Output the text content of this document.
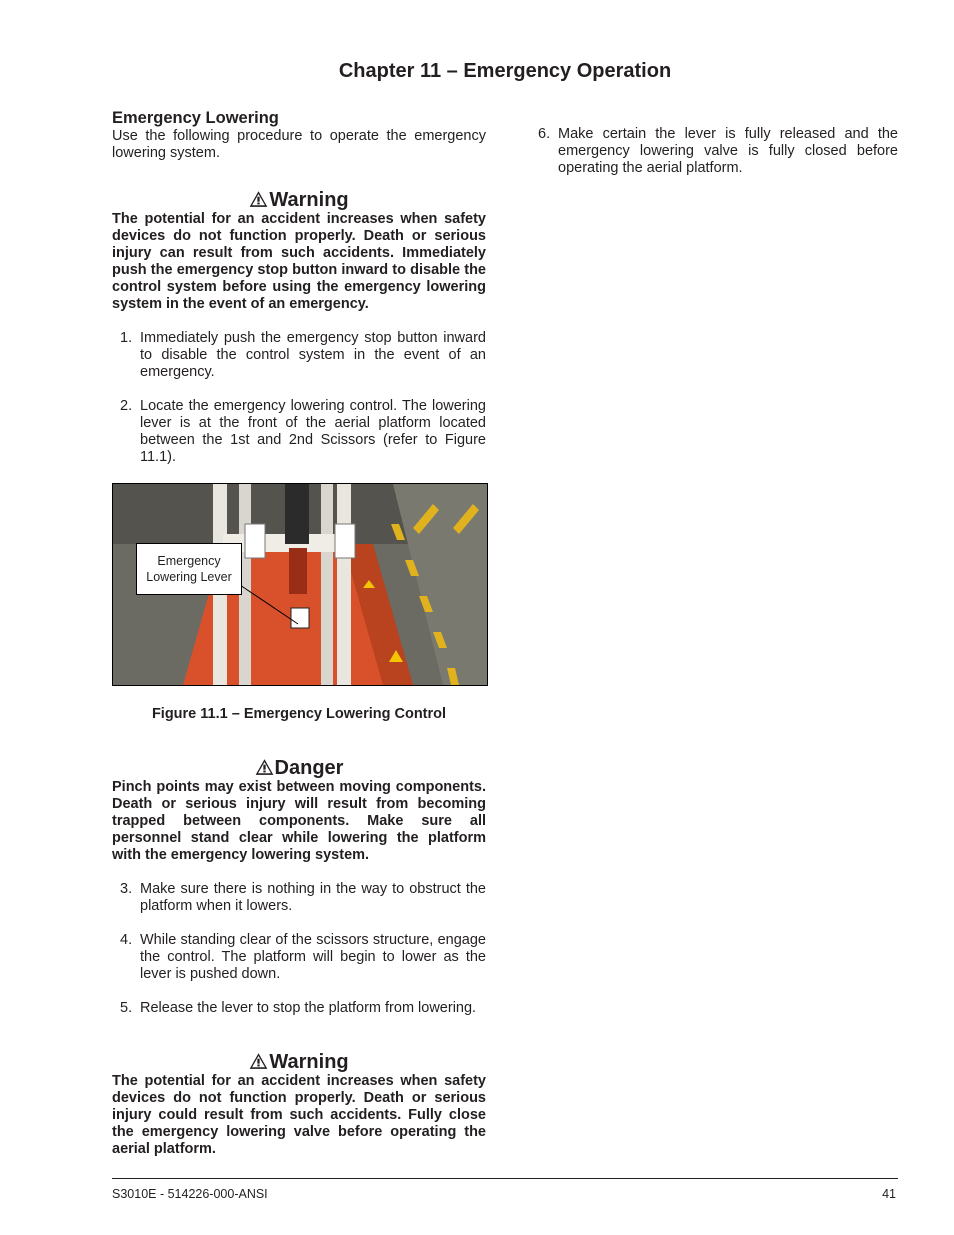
Chapter 11 – Emergency Operation
Emergency Lowering

Use the following procedure to operate the emergency lowering system.

Warning
The potential for an accident increases when safety devices do not function properly. Death or serious injury can result from such accidents. Immediately push the emergency stop button inward to disable the control system before using the emergency lowering system in the event of an emergency.
1. Immediately push the emergency stop button inward to disable the control system in the event of an emergency.
2. Locate the emergency lowering control. The lowering lever is at the front of the aerial platform located between the 1st and 2nd Scissors (refer to Figure 11.1).
Emergency
Lowering Lever

Figure 11.1 – Emergency Lowering Control

Danger
Pinch points may exist between moving components. Death or serious injury will result from becoming trapped between components. Make sure all personnel stand clear while lowering the platform with the emergency lowering system.
3. Make sure there is nothing in the way to obstruct the platform when it lowers.
4. While standing clear of the scissors structure, engage the control. The platform will begin to lower as the lever is pushed down.
5. Release the lever to stop the platform from lowering.
Warning
The potential for an accident increases when safety devices do not function properly. Death or serious injury could result from such accidents. Fully close the emergency lowering valve before operating the aerial platform.
6. Make certain the lever is fully released and the emergency lowering valve is fully closed before operating the aerial platform.
S3010E - 514226-000-ANSI	41
